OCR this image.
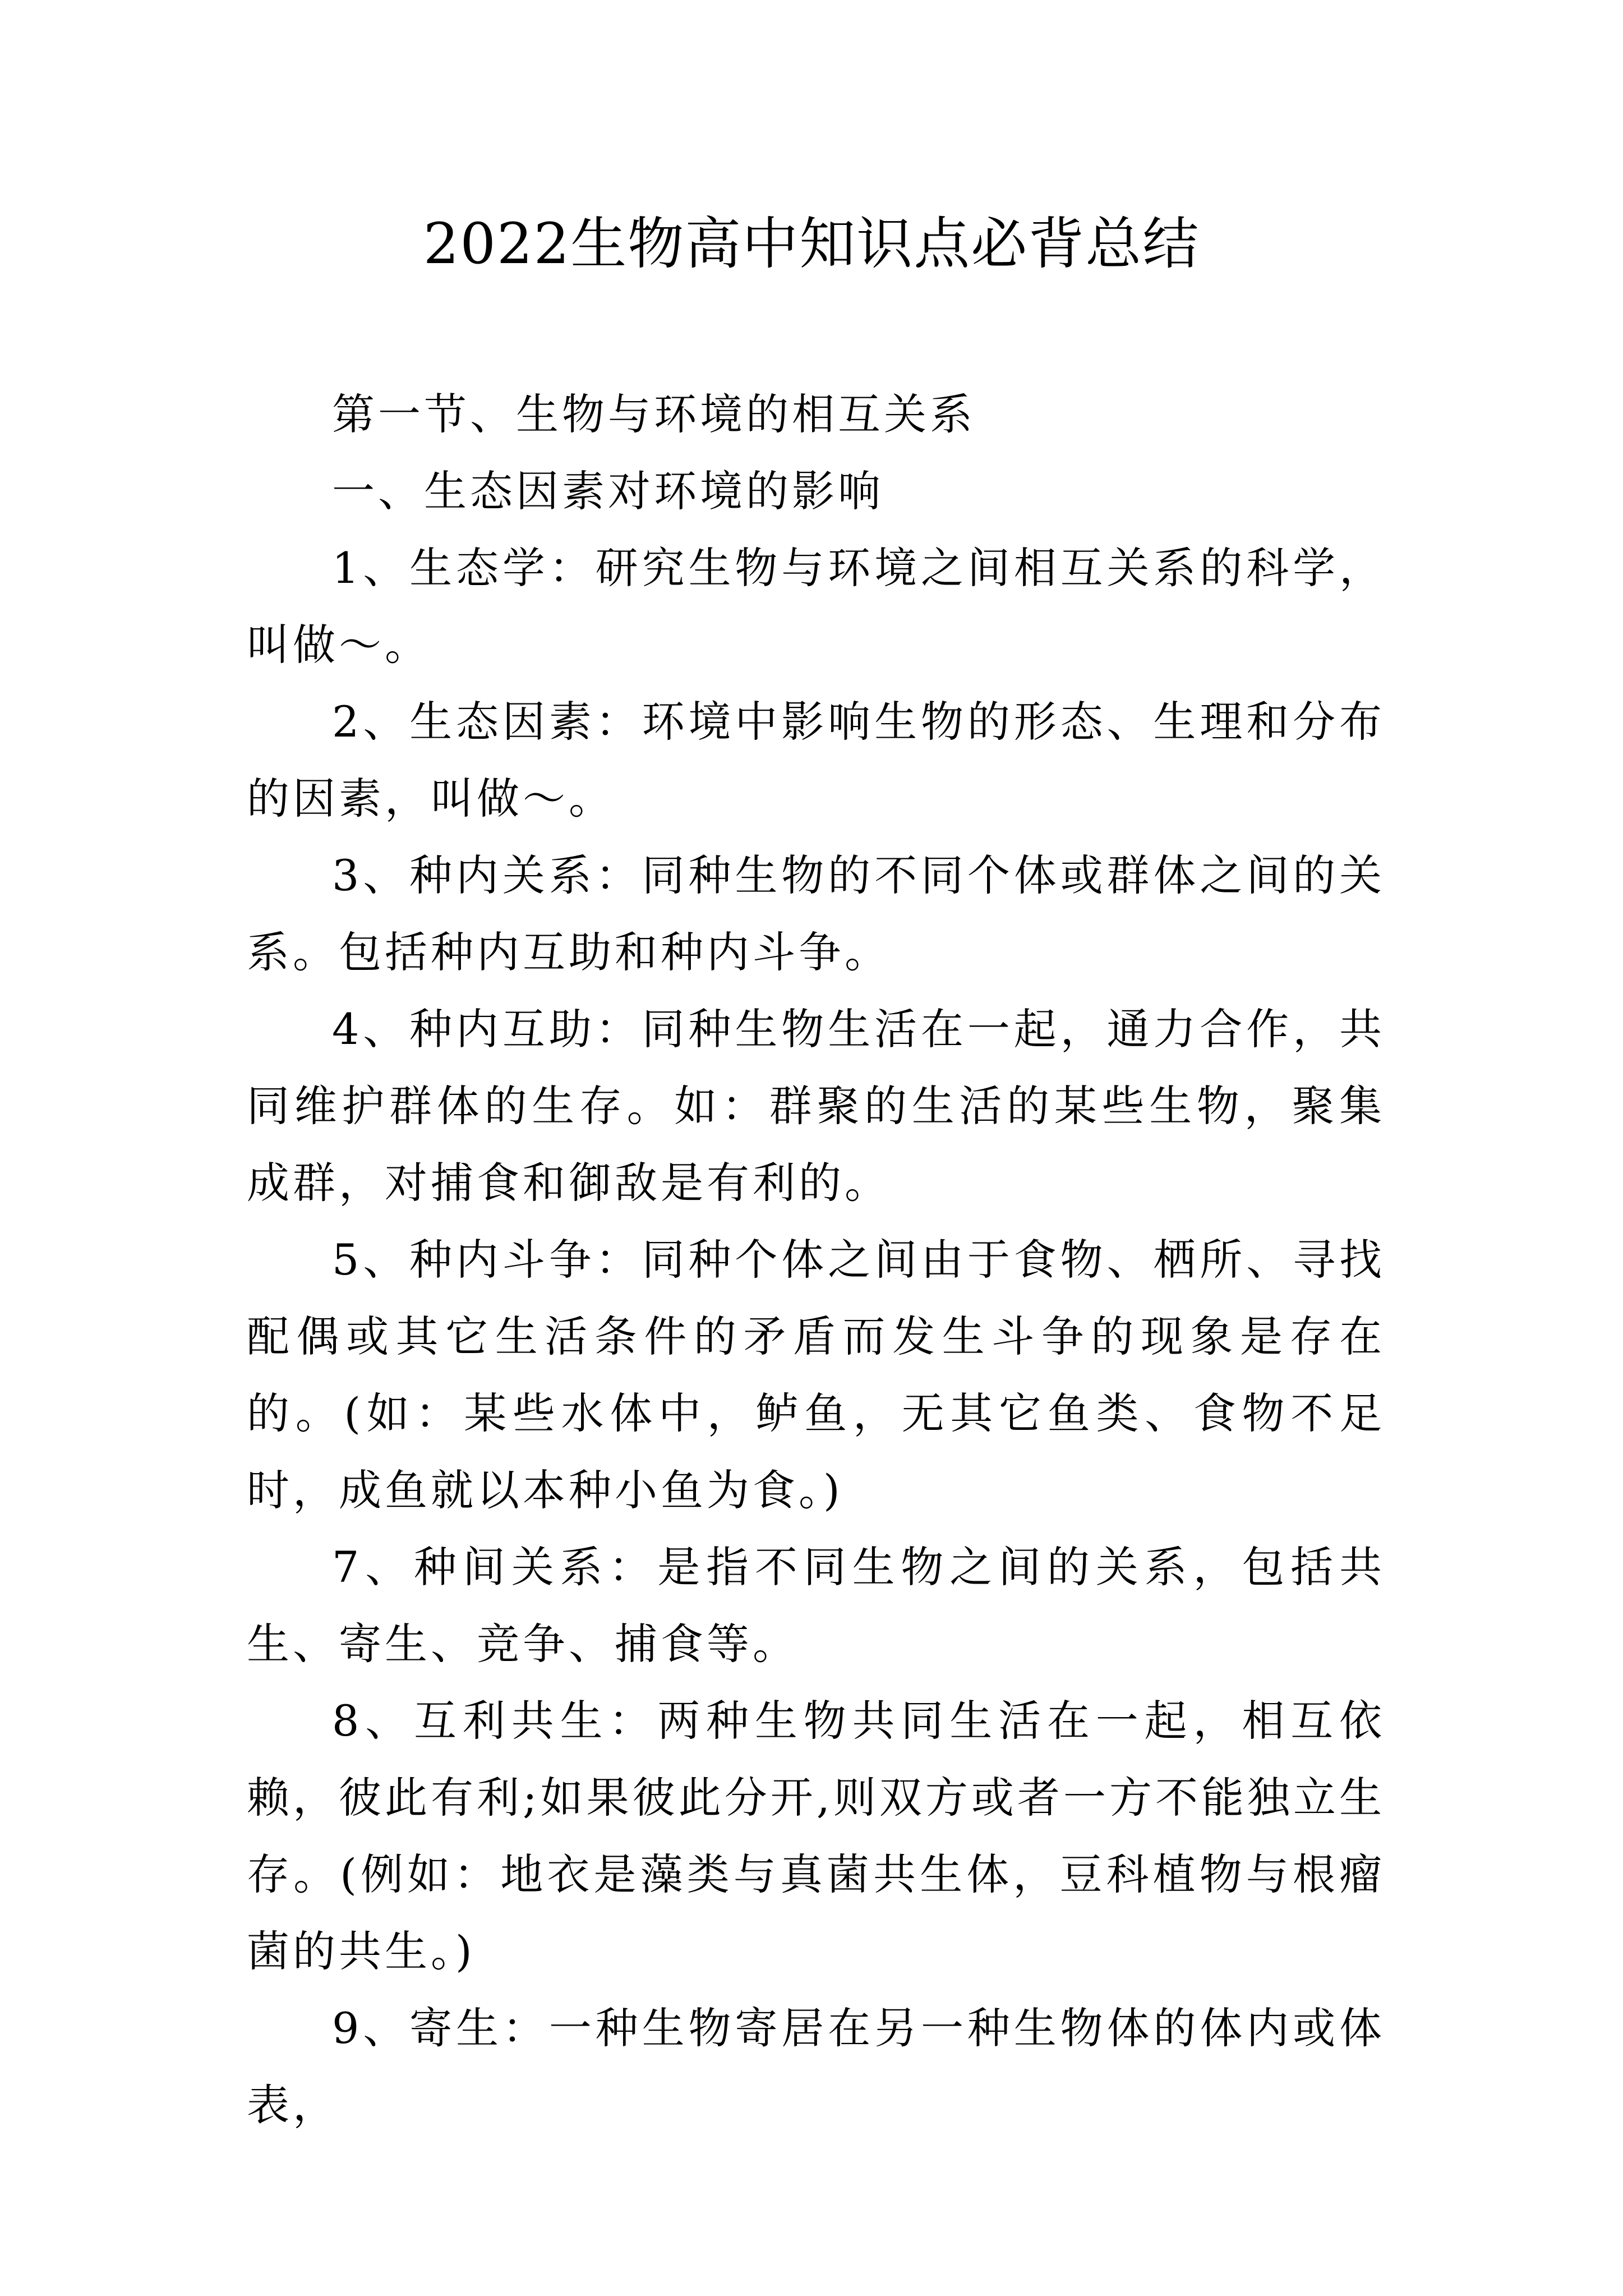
2022生物高中知识点必背总结

第一节、生物与环境的相互关系

一、生态因素对环境的影响

1、生态学：研究生物与环境之间相互关系的科学，叫做～。

2、生态因素：环境中影响生物的形态、生理和分布的因素，叫做～。

3、种内关系：同种生物的不同个体或群体之间的关系。包括种内互助和种内斗争。

4、种内互助：同种生物生活在一起，通力合作，共同维护群体的生存。如：群聚的生活的某些生物，聚集成群，对捕食和御敌是有利的。

5、种内斗争：同种个体之间由于食物、栖所、寻找配偶或其它生活条件的矛盾而发生斗争的现象是存在的。(如：某些水体中，鲈鱼，无其它鱼类、食物不足时，成鱼就以本种小鱼为食。)

7、种间关系：是指不同生物之间的关系，包括共生、寄生、竞争、捕食等。

8、互利共生：两种生物共同生活在一起，相互依赖，彼此有利;如果彼此分开,则双方或者一方不能独立生存。(例如：地衣是藻类与真菌共生体，豆科植物与根瘤菌的共生。)

9、寄生：一种生物寄居在另一种生物体的体内或体表，
